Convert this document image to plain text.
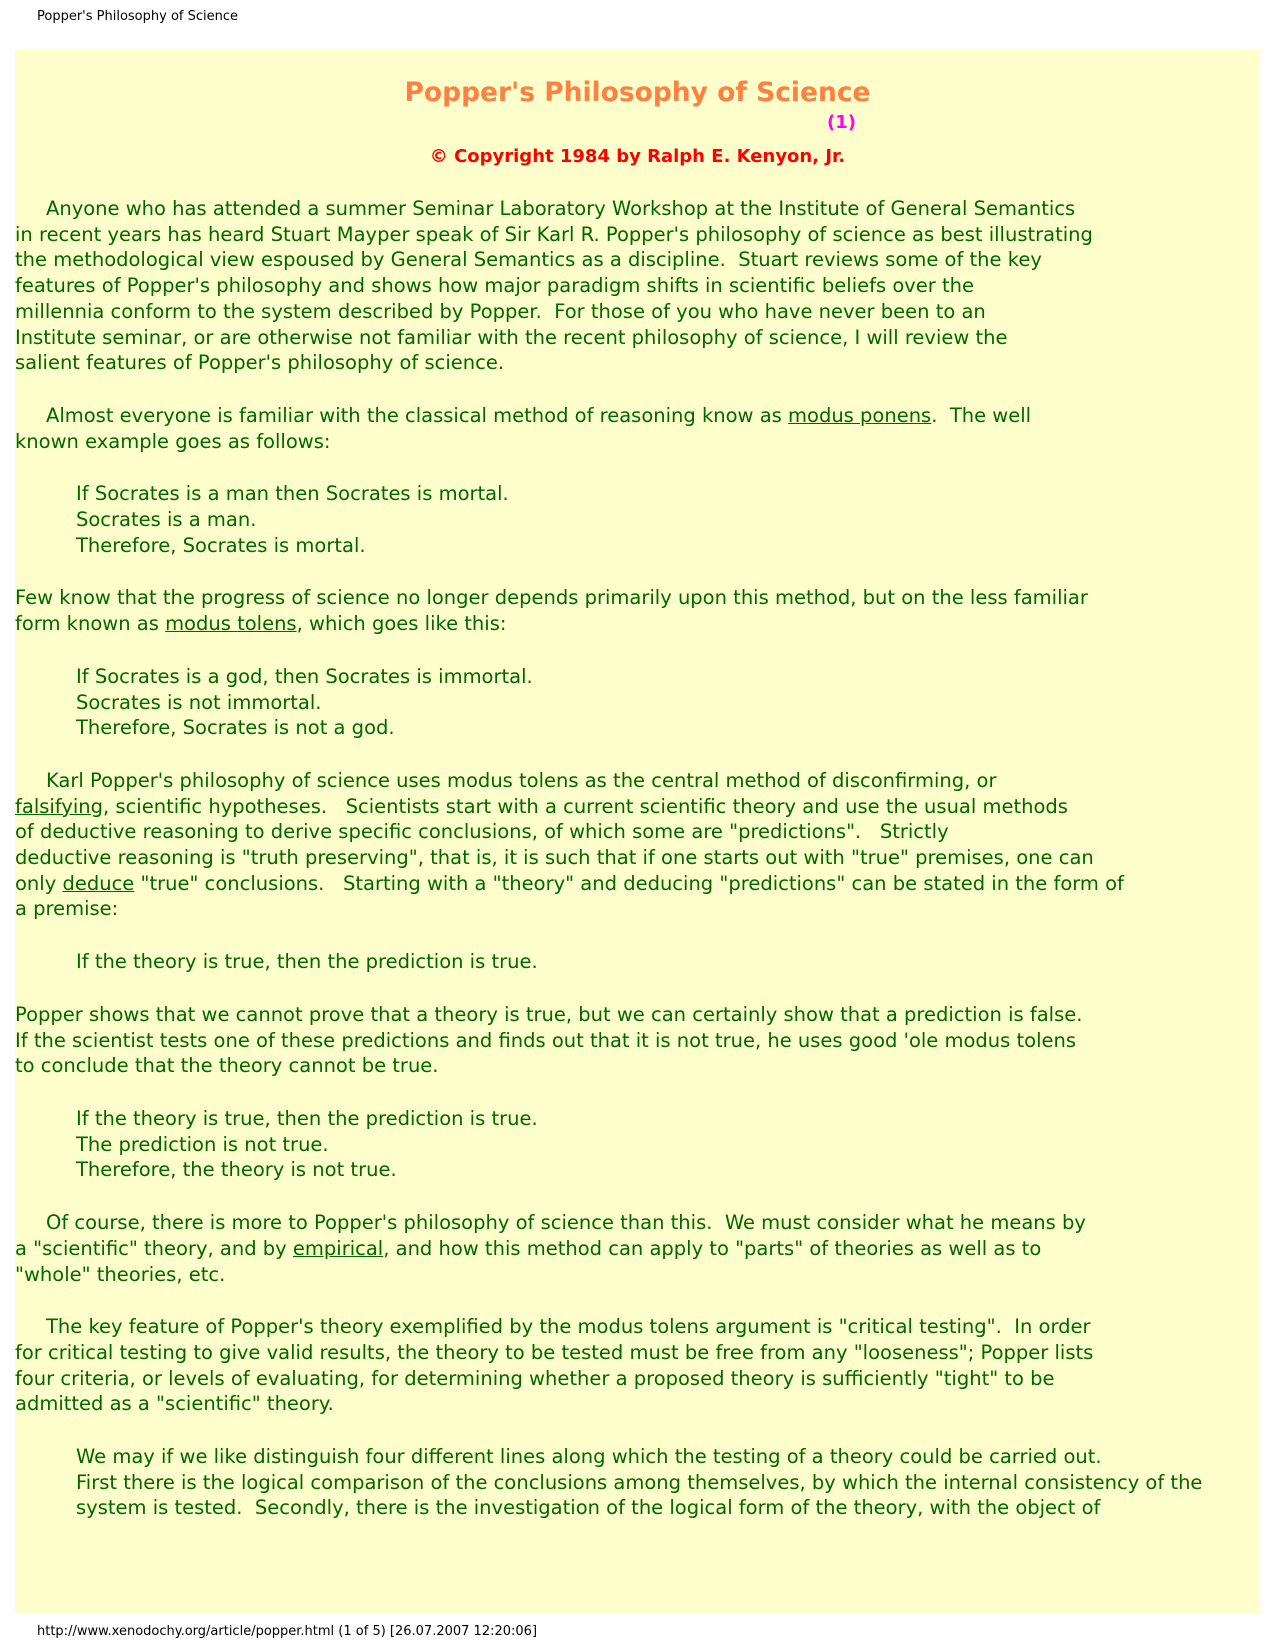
Popper's Philosophy of Science
Popper's Philosophy of Science
(1)
© Copyright 1984 by Ralph E. Kenyon, Jr.
Anyone who has attended a summer Seminar Laboratory Workshop at the Institute of General Semantics
in recent years has heard Stuart Mayper speak of Sir Karl R. Popper's philosophy of science as best illustrating
the methodological view espoused by General Semantics as a discipline.  Stuart reviews some of the key
features of Popper's philosophy and shows how major paradigm shifts in scientific beliefs over the
millennia conform to the system described by Popper.  For those of you who have never been to an
Institute seminar, or are otherwise not familiar with the recent philosophy of science, I will review the
salient features of Popper's philosophy of science.
Almost everyone is familiar with the classical method of reasoning know as modus ponens.  The well
known example goes as follows:
If Socrates is a man then Socrates is mortal.
Socrates is a man.
Therefore, Socrates is mortal.
Few know that the progress of science no longer depends primarily upon this method, but on the less familiar
form known as modus tolens, which goes like this:
If Socrates is a god, then Socrates is immortal.
Socrates is not immortal.
Therefore, Socrates is not a god.
Karl Popper's philosophy of science uses modus tolens as the central method of disconfirming, or
falsifying, scientific hypotheses.   Scientists start with a current scientific theory and use the usual methods
of deductive reasoning to derive specific conclusions, of which some are "predictions".   Strictly
deductive reasoning is "truth preserving", that is, it is such that if one starts out with "true" premises, one can
only deduce "true" conclusions.   Starting with a "theory" and deducing "predictions" can be stated in the form of
a premise:
If the theory is true, then the prediction is true.
Popper shows that we cannot prove that a theory is true, but we can certainly show that a prediction is false.
If the scientist tests one of these predictions and finds out that it is not true, he uses good 'ole modus tolens
to conclude that the theory cannot be true.
If the theory is true, then the prediction is true.
The prediction is not true.
Therefore, the theory is not true.
Of course, there is more to Popper's philosophy of science than this.  We must consider what he means by
a "scientific" theory, and by empirical, and how this method can apply to "parts" of theories as well as to
"whole" theories, etc.
The key feature of Popper's theory exemplified by the modus tolens argument is "critical testing".  In order
for critical testing to give valid results, the theory to be tested must be free from any "looseness"; Popper lists
four criteria, or levels of evaluating, for determining whether a proposed theory is sufficiently "tight" to be
admitted as a "scientific" theory.
We may if we like distinguish four different lines along which the testing of a theory could be carried out.
First there is the logical comparison of the conclusions among themselves, by which the internal consistency of the
system is tested.  Secondly, there is the investigation of the logical form of the theory, with the object of
http://www.xenodochy.org/article/popper.html (1 of 5) [26.07.2007 12:20:06]
